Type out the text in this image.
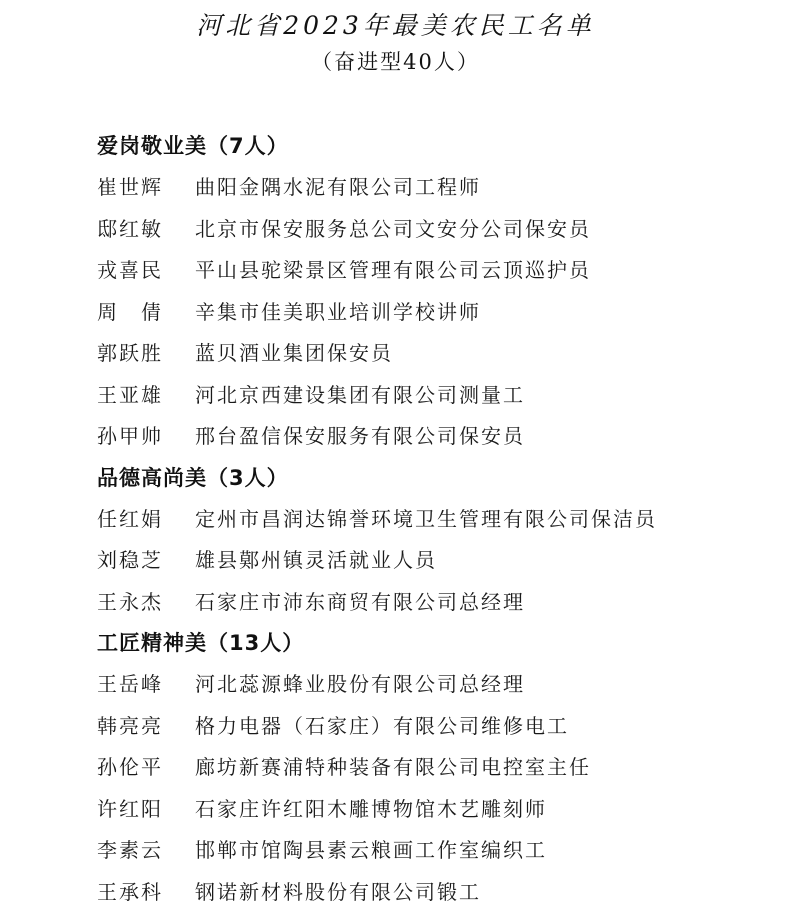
河北省2023年最美农民工名单
（奋进型40人）
爱岗敬业美（7人）
崔世辉	曲阳金隅水泥有限公司工程师
邸红敏	北京市保安服务总公司文安分公司保安员
戎喜民	平山县驼梁景区管理有限公司云顶巡护员
周　倩	辛集市佳美职业培训学校讲师
郭跃胜	蓝贝酒业集团保安员
王亚雄	河北京西建设集团有限公司测量工
孙甲帅	邢台盈信保安服务有限公司保安员
品德高尚美（3人）
任红娟	定州市昌润达锦誉环境卫生管理有限公司保洁员
刘稳芝	雄县鄚州镇灵活就业人员
王永杰	石家庄市沛东商贸有限公司总经理
工匠精神美（13人）
王岳峰	河北蕊源蜂业股份有限公司总经理
韩亮亮	格力电器（石家庄）有限公司维修电工
孙伦平	廊坊新赛浦特种装备有限公司电控室主任
许红阳	石家庄许红阳木雕博物馆木艺雕刻师
李素云	邯郸市馆陶县素云粮画工作室编织工
王承科	钢诺新材料股份有限公司锻工
